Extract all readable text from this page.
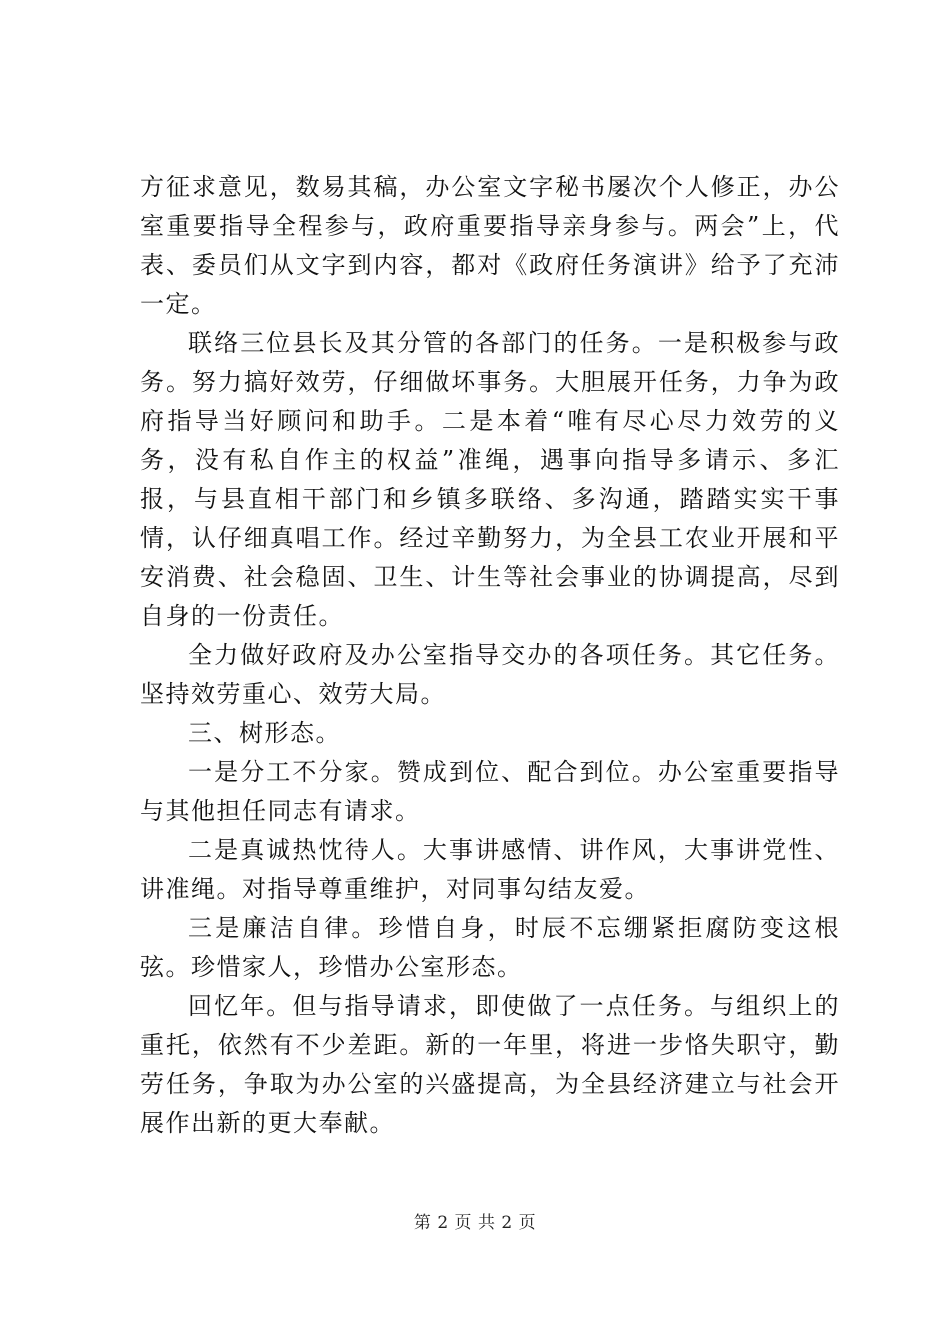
方征求意见，数易其稿，办公室文字秘书屡次个人修正，办公室重要指导全程参与，政府重要指导亲身参与。两会”上，代表、委员们从文字到内容，都对《政府任务演讲》给予了充沛一定。

联络三位县长及其分管的各部门的任务。一是积极参与政务。努力搞好效劳，仔细做坏事务。大胆展开任务，力争为政府指导当好顾问和助手。二是本着“唯有尽心尽力效劳的义务，没有私自作主的权益”准绳，遇事向指导多请示、多汇报，与县直相干部门和乡镇多联络、多沟通，踏踏实实干事情，认仔细真唱工作。经过辛勤努力，为全县工农业开展和平安消费、社会稳固、卫生、计生等社会事业的协调提高，尽到自身的一份责任。

全力做好政府及办公室指导交办的各项任务。其它任务。坚持效劳重心、效劳大局。

三、树形态。

一是分工不分家。赞成到位、配合到位。办公室重要指导与其他担任同志有请求。

二是真诚热忱待人。大事讲感情、讲作风，大事讲党性、讲准绳。对指导尊重维护，对同事勾结友爱。

三是廉洁自律。珍惜自身，时辰不忘绷紧拒腐防变这根弦。珍惜家人，珍惜办公室形态。

回忆年。但与指导请求，即使做了一点任务。与组织上的重托，依然有不少差距。新的一年里，将进一步恪失职守，勤劳任务，争取为办公室的兴盛提高，为全县经济建立与社会开展作出新的更大奉献。

第 2 页 共 2 页
